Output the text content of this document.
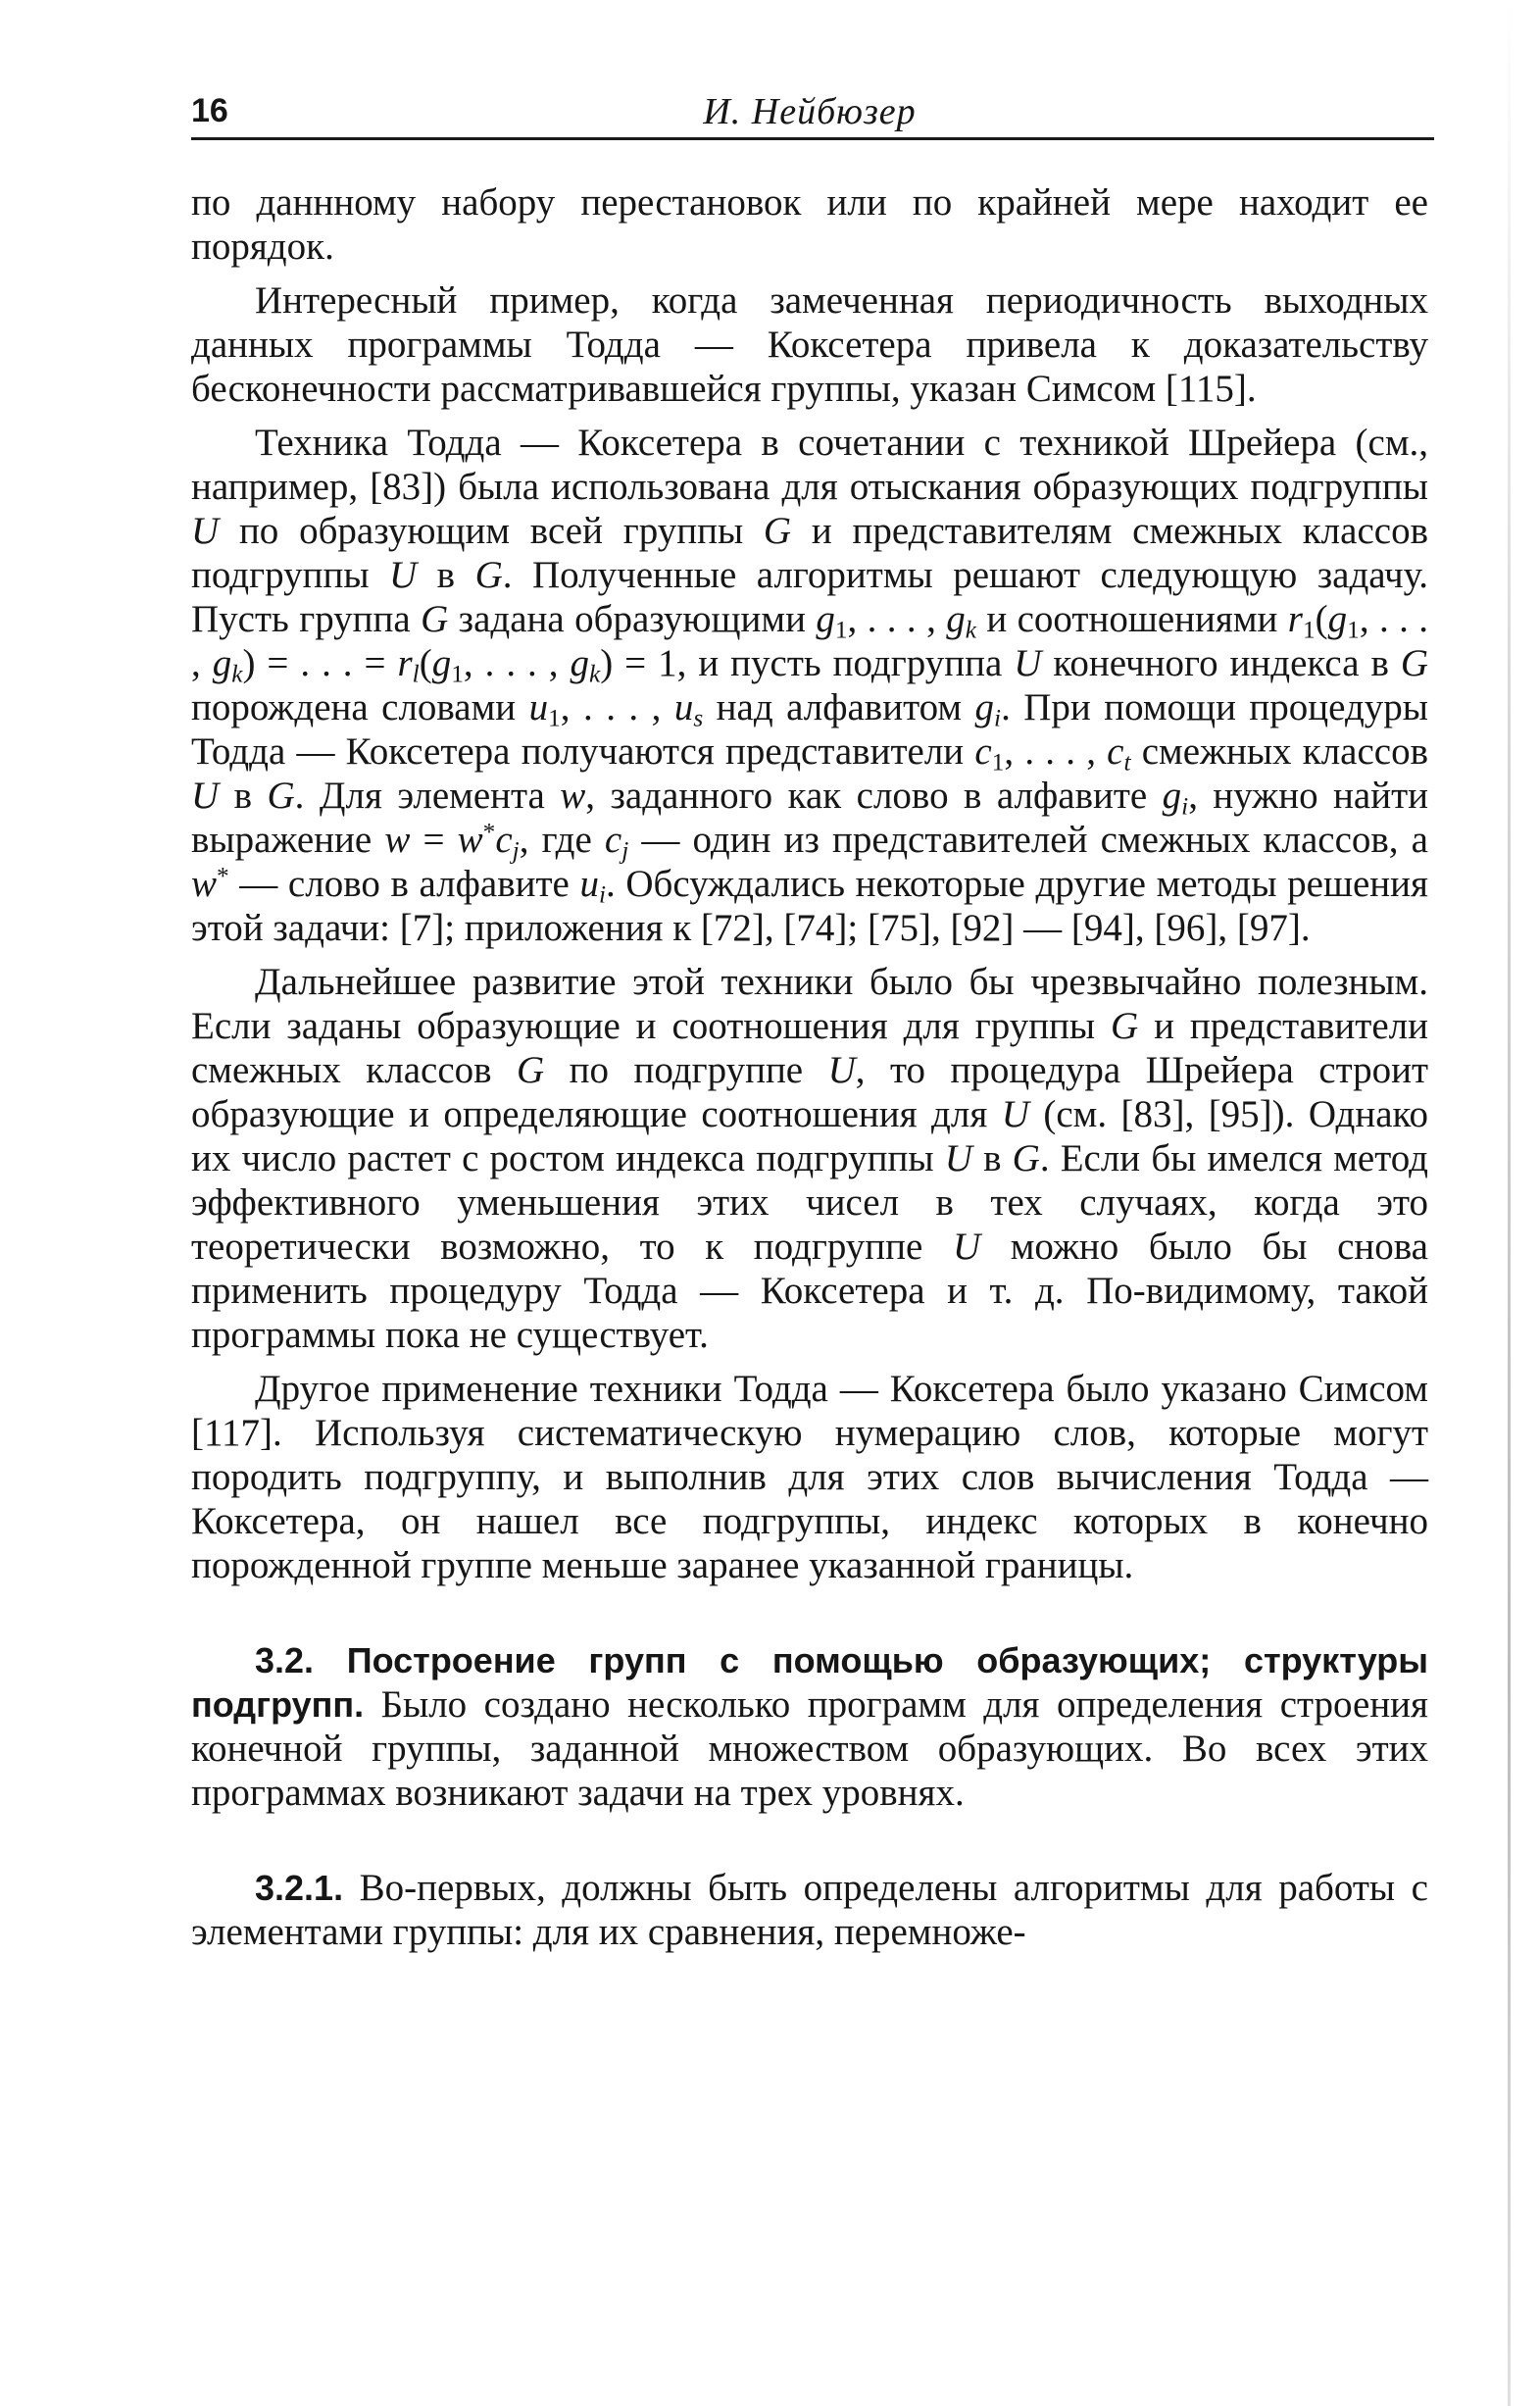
16	И. Нейбюзер

по даннному набору перестановок или по крайней мере находит ее порядок.

Интересный пример, когда замеченная периодичность выходных данных программы Тодда — Коксетера привела к доказательству бесконечности рассматривавшейся группы, указан Симсом [115].

Техника Тодда — Коксетера в сочетании с техникой Шрейера (см., например, [83]) была использована для отыскания образующих подгруппы U по образующим всей группы G и представителям смежных классов подгруппы U в G. Полученные алгоритмы решают следующую задачу. Пусть группа G задана образующими $g_1$, . . . , $g_k$ и соотношениями $r_1(g_1$, . . . , $g_k$) = . . . = $r_l(g_1$, . . . , $g_k) = 1$, и пусть подгруппа U конечного индекса в G порождена словами $u_1$, . . . , $u_s$ над алфавитом $g_i$. При помощи процедуры Тодда — Коксетера получаются представители $c_1$, . . . , $c_t$ смежных классов U в G. Для элемента w, заданного как слово в алфавите $g_i$, нужно найти выражение $w = w^*c_j$, где $c_j$ — один из представителей смежных классов, а w* — слово в алфавите $u_i$. Обсуждались некоторые другие методы решения этой задачи: [7]; приложения к [72], [74]; [75], [92] — [94], [96], [97].

Дальнейшее развитие этой техники было бы чрезвычайно полезным. Если заданы образующие и соотношения для группы G и представители смежных классов G по подгруппе U, то процедура Шрейера строит образующие и определяющие соотношения для U (см. [83], [95]). Однако их число растет с ростом индекса подгруппы U в G. Если бы имелся метод эффективного уменьшения этих чисел в тех случаях, когда это теоретически возможно, то к подгруппе U можно было бы снова применить процедуру Тодда — Коксетера и т. д. По-видимому, такой программы пока не существует.

Другое применение техники Тодда — Коксетера было указано Симсом [117]. Используя систематическую нумерацию слов, которые могут породить подгруппу, и выполнив для этих слов вычисления Тодда — Коксетера, он нашел все подгруппы, индекс которых в конечно порожденной группе меньше заранее указанной границы.

3.2. Построение групп с помощью образующих; структуры подгрупп. Было создано несколько программ для определения строения конечной группы, заданной множеством образующих. Во всех этих программах возникают задачи на трех уровнях.

3.2.1. Во-первых, должны быть определены алгоритмы для работы с элементами группы: для их сравнения, перемноже-
